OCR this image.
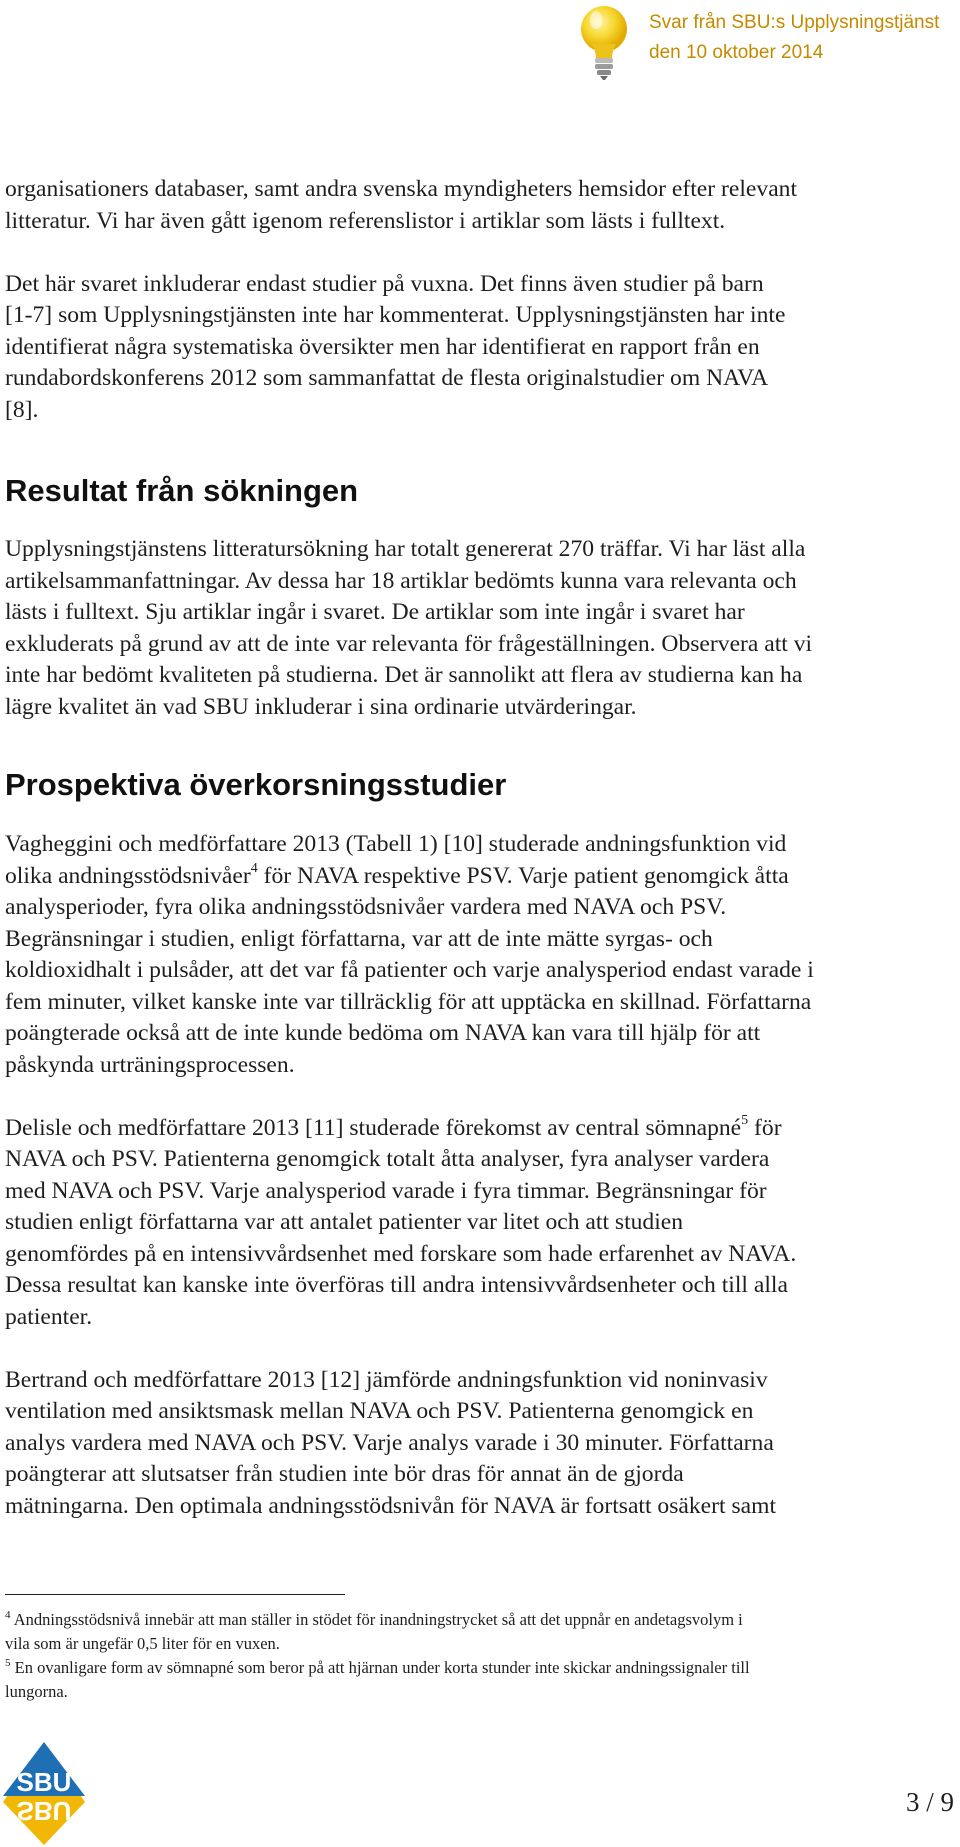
Svar från SBU:s Upplysningstjänst
den 10 oktober 2014

organisationers databaser, samt andra svenska myndigheters hemsidor efter relevant
litteratur. Vi har även gått igenom referenslistor i artiklar som lästs i fulltext.

Det här svaret inkluderar endast studier på vuxna. Det finns även studier på barn
[1-7] som Upplysningstjänsten inte har kommenterat. Upplysningstjänsten har inte
identifierat några systematiska översikter men har identifierat en rapport från en
rundabordskonferens 2012 som sammanfattat de flesta originalstudier om NAVA
[8].

Resultat från sökningen

Upplysningstjänstens litteratursökning har totalt genererat 270 träffar. Vi har läst alla
artikelsammanfattningar. Av dessa har 18 artiklar bedömts kunna vara relevanta och
lästs i fulltext. Sju artiklar ingår i svaret. De artiklar som inte ingår i svaret har
exkluderats på grund av att de inte var relevanta för frågeställningen. Observera att vi
inte har bedömt kvaliteten på studierna. Det är sannolikt att flera av studierna kan ha
lägre kvalitet än vad SBU inkluderar i sina ordinarie utvärderingar.

Prospektiva överkorsningsstudier

Vagheggini och medförfattare 2013 (Tabell 1) [10] studerade andningsfunktion vid
olika andningsstödsnivåer$^4$ för NAVA respektive PSV. Varje patient genomgick åtta
analysperioder, fyra olika andningsstödsnivåer vardera med NAVA och PSV.
Begränsningar i studien, enligt författarna, var att de inte mätte syrgas- och
koldioxidhalt i pulsåder, att det var få patienter och varje analysperiod endast varade i
fem minuter, vilket kanske inte var tillräcklig för att upptäcka en skillnad. Författarna
poängterade också att de inte kunde bedöma om NAVA kan vara till hjälp för att
påskynda urträningsprocessen.

Delisle och medförfattare 2013 [11] studerade förekomst av central sömnapné$^5$ för
NAVA och PSV. Patienterna genomgick totalt åtta analyser, fyra analyser vardera
med NAVA och PSV. Varje analysperiod varade i fyra timmar. Begränsningar för
studien enligt författarna var att antalet patienter var litet och att studien
genomfördes på en intensivvårdsenhet med forskare som hade erfarenhet av NAVA.
Dessa resultat kan kanske inte överföras till andra intensivvårdsenheter och till alla
patienter.

Bertrand och medförfattare 2013 [12] jämförde andningsfunktion vid noninvasiv
ventilation med ansiktsmask mellan NAVA och PSV. Patienterna genomgick en
analys vardera med NAVA och PSV. Varje analys varade i 30 minuter. Författarna
poängterar att slutsatser från studien inte bör dras för annat än de gjorda
mätningarna. Den optimala andningsstödsnivån för NAVA är fortsatt osäkert samt

$^4$ Andningsstödsnivå innebär att man ställer in stödet för inandningstrycket så att det uppnår en andetagsvolym i
vila som är ungefär 0,5 liter för en vuxen.
$^5$ En ovanligare form av sömnapné som beror på att hjärnan under korta stunder inte skickar andningssignaler till
lungorna.
SBU
SBU	3 / 9
